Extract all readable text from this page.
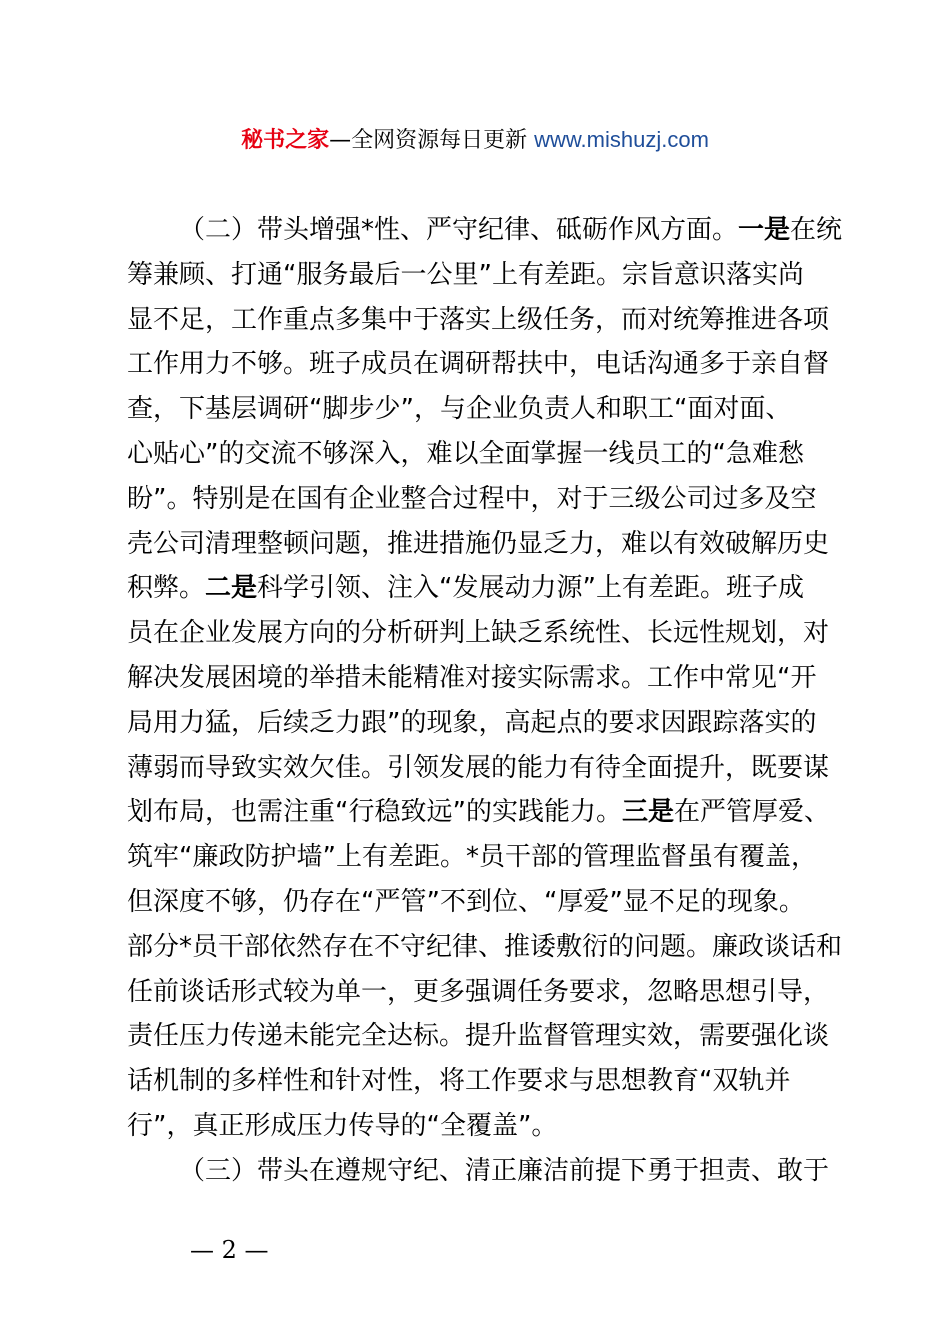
秘书之家—全网资源每日更新 www.mishuzj.com
（二）带头增强*性、严守纪律、砥砺作风方面。一是在统
筹兼顾、打通“服务最后一公里”上有差距。宗旨意识落实尚
显不足，工作重点多集中于落实上级任务，而对统筹推进各项
工作用力不够。班子成员在调研帮扶中，电话沟通多于亲自督
查，下基层调研“脚步少”，与企业负责人和职工“面对面、
心贴心”的交流不够深入，难以全面掌握一线员工的“急难愁
盼”。特别是在国有企业整合过程中，对于三级公司过多及空
壳公司清理整顿问题，推进措施仍显乏力，难以有效破解历史
积弊。二是科学引领、注入“发展动力源”上有差距。班子成
员在企业发展方向的分析研判上缺乏系统性、长远性规划，对
解决发展困境的举措未能精准对接实际需求。工作中常见“开
局用力猛，后续乏力跟”的现象，高起点的要求因跟踪落实的
薄弱而导致实效欠佳。引领发展的能力有待全面提升，既要谋
划布局，也需注重“行稳致远”的实践能力。三是在严管厚爱、
筑牢“廉政防护墙”上有差距。*员干部的管理监督虽有覆盖，
但深度不够，仍存在“严管”不到位、“厚爱”显不足的现象。
部分*员干部依然存在不守纪律、推诿敷衍的问题。廉政谈话和
任前谈话形式较为单一，更多强调任务要求，忽略思想引导，
责任压力传递未能完全达标。提升监督管理实效，需要强化谈
话机制的多样性和针对性，将工作要求与思想教育“双轨并
行”，真正形成压力传导的“全覆盖”。
（三）带头在遵规守纪、清正廉洁前提下勇于担责、敢于
— 2 —
